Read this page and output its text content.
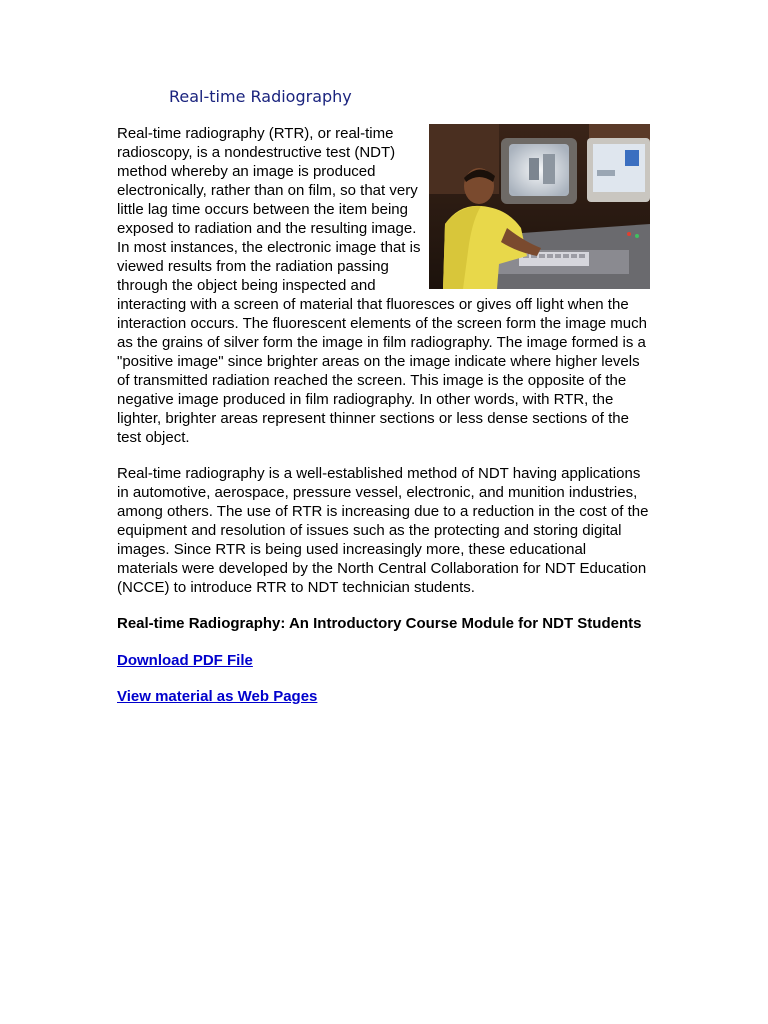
Real-time Radiography

Real-time radiography (RTR), or real-time radioscopy, is a nondestructive test (NDT) method whereby an image is produced electronically, rather than on film, so that very little lag time occurs between the item being exposed to radiation and the resulting image. In most instances, the electronic image that is viewed results from the radiation passing through the object being inspected and interacting with a screen of material that fluoresces or gives off light when the interaction occurs. The fluorescent elements of the screen form the image much as the grains of silver form the image in film radiography. The image formed is a "positive image" since brighter areas on the image indicate where higher levels of transmitted radiation reached the screen. This image is the opposite of the negative image produced in film radiography. In other words, with RTR, the lighter, brighter areas represent thinner sections or less dense sections of the test object.

Real-time radiography is a well-established method of NDT having applications in automotive, aerospace, pressure vessel, electronic, and munition industries, among others. The use of RTR is increasing due to a reduction in the cost of the equipment and resolution of issues such as the protecting and storing digital images. Since RTR is being used increasingly more, these educational materials were developed by the North Central Collaboration for NDT Education (NCCE) to introduce RTR to NDT technician students.

Real-time Radiography: An Introductory Course Module for NDT Students

Download PDF File

View material as Web Pages
